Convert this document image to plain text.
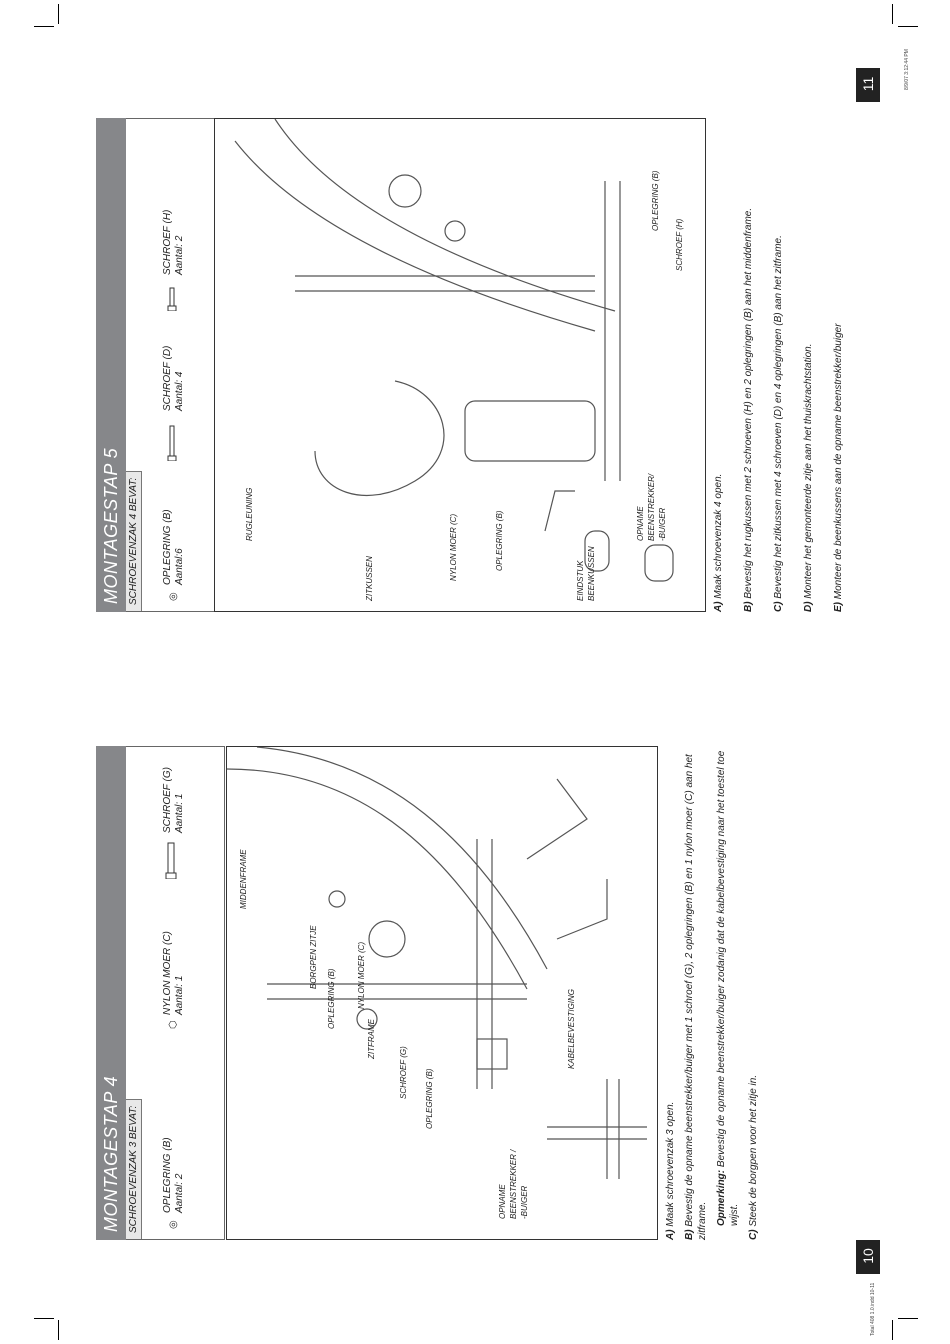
11
10
Total 408 1.0.indd 10-11
8/9/07 3:12:44 PM
MONTAGESTAP 4 SCHROEVENZAK 3 BEVAT:	◎
OPLEGRING (B) Aantal: 2
⬡
NYLON MOER (C) Aantal: 1
SCHROEF (G) Aantal: 1
MIDDENFRAME
BORGPEN ZITJE	NYLON MOER (C)
OPLEGRING (B)
ZITFRAME
SCHROEF (G) OPLEGRING (B)
KABELBEVESTIGING
OPNAME BEENSTREKKER / -BUIGER
A) Maak schroevenzak 3 open.
B) Bevestig de opname beenstrekker/buiger met 1 schroef (G), 2 oplegringen (B) en 1 nylon moer (C) aan het zitframe. Opmerking: Bevestig de opname beenstrekker/buiger zodanig dat de kabelbevestiging naar het toestel toe wijst.
C) Steek de borgpen voor het zitje in.
MONTAGESTAP 5 SCHROEVENZAK 4 BEVAT:	◎
OPLEGRING (B) Aantal:6
SCHROEF (D) Aantal: 4
SCHROEF (H) Aantal: 2
OPLEGRING (B)
SCHROEF (H)
RUGLEUNING
ZITKUSSEN	NYLON MOER (C)	OPLEGRING (B)
EINDSTUK BEENKUSSEN
OPNAME BEENSTREKKER/ -BUIGER
A) Maak schroevenzak 4 open.
B) Bevestig het rugkussen met 2 schroeven (H) en 2 oplegringen (B) aan het middenframe.
C) Bevestig het zitkussen met 4 schroeven (D) en 4 oplegringen (B) aan het zitframe.
D) Monteer het gemonteerde zitje aan het thuiskrachtstation.
E) Monteer de beenkussens aan de opname beenstrekker/buiger
